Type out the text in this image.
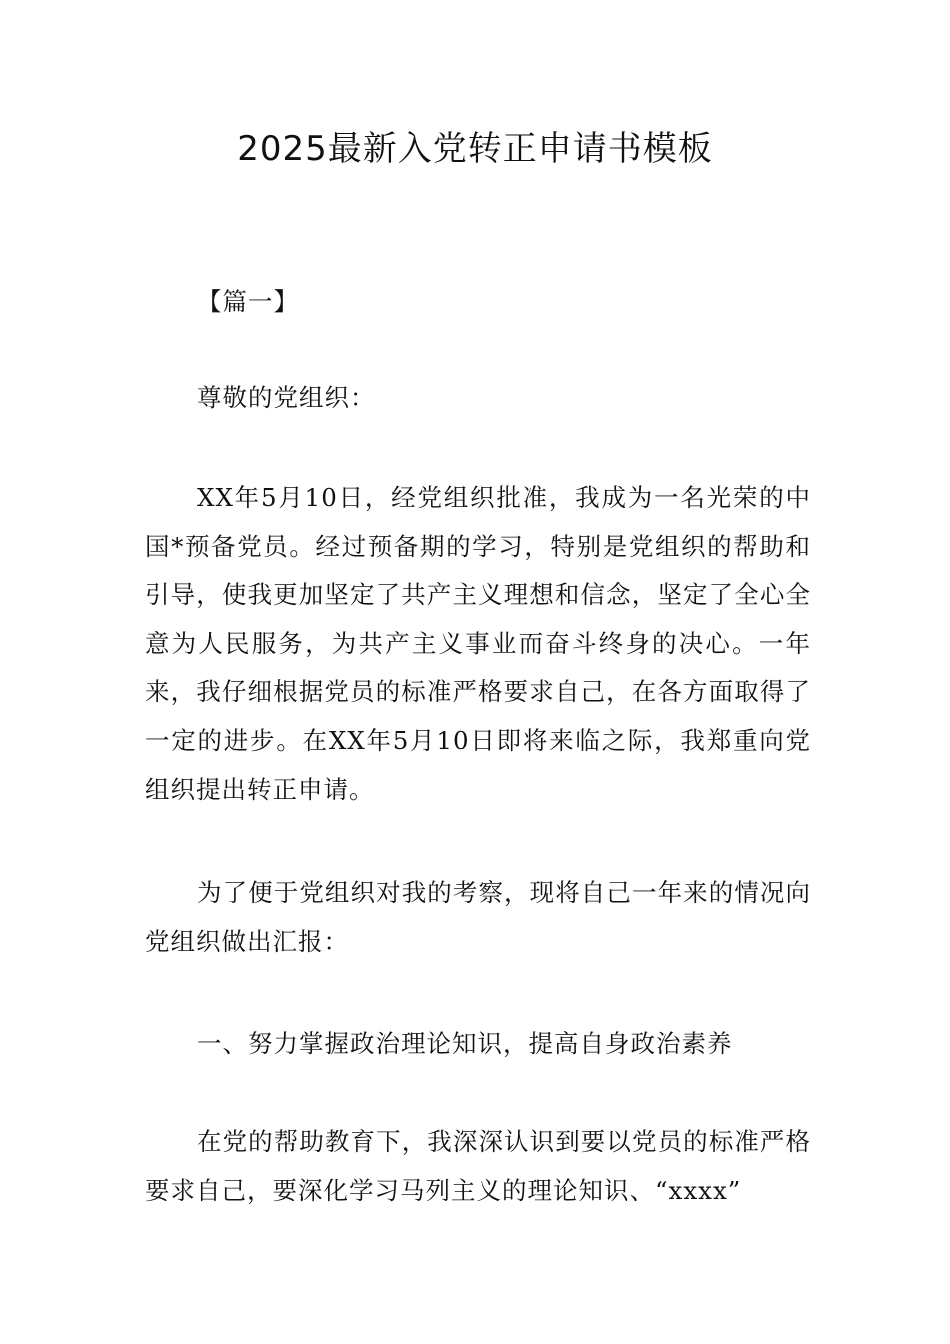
2025最新入党转正申请书模板

【篇一】

尊敬的党组织：

XX年5月10日，经党组织批准，我成为一名光荣的中国*预备党员。经过预备期的学习，特别是党组织的帮助和引导，使我更加坚定了共产主义理想和信念，坚定了全心全意为人民服务，为共产主义事业而奋斗终身的决心。一年来，我仔细根据党员的标准严格要求自己，在各方面取得了一定的进步。在XX年5月10日即将来临之际，我郑重向党组织提出转正申请。

为了便于党组织对我的考察，现将自己一年来的情况向党组织做出汇报：

一、努力掌握政治理论知识，提高自身政治素养

在党的帮助教育下，我深深认识到要以党员的标准严格要求自己，要深化学习马列主义的理论知识、“xxxx”
